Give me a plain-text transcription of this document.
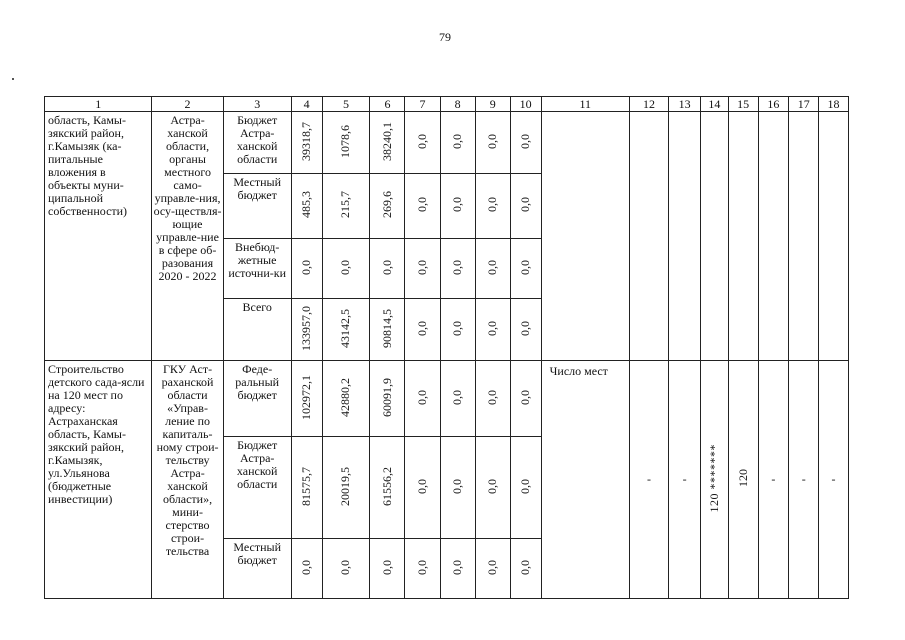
79
1	2	3	4	5	6	7	8	9	10	11	12	13	14	15	16	17	18
область, Камы-зякский район, г.Камызяк (ка-питальные вложения в объекты муни-ципальной собственности)	Астра-ханской области, органы местного само-управле-ния, осу-ществля-ющие управле-ние в сфере об-разования 2020 - 2022	Бюджет Астра-ханской области	39318,7	1078,6	38240,1	0,0	0,0	0,0	0,0								
		Местный бюджет	485,3	215,7	269,6	0,0	0,0	0,0	0,0								
		Внебюд-жетные источни-ки	0,0	0,0	0,0	0,0	0,0	0,0	0,0								
		Всего	133957,0	43142,5	90814,5	0,0	0,0	0,0	0,0								
Строительство детского сада-ясли на 120 мест по адресу: Астраханская область, Камы-зякский район, г.Камызяк, ул.Ульянова (бюджетные инвестиции)	ГКУ Аст-раханской области «Управ-ление по капиталь-ному строи-тельству Астра-ханской области», мини-стерство строи-тельства	Феде-ральный бюджет	102972,1	42880,2	60091,9	0,0	0,0	0,0	0,0	Число мест	-	-	120 *******	120	-	-	-
		Бюджет Астра-ханской области	81575,7	20019,5	61556,2	0,0	0,0	0,0	0,0								
		Местный бюджет	0,0	0,0	0,0	0,0	0,0	0,0	0,0								
